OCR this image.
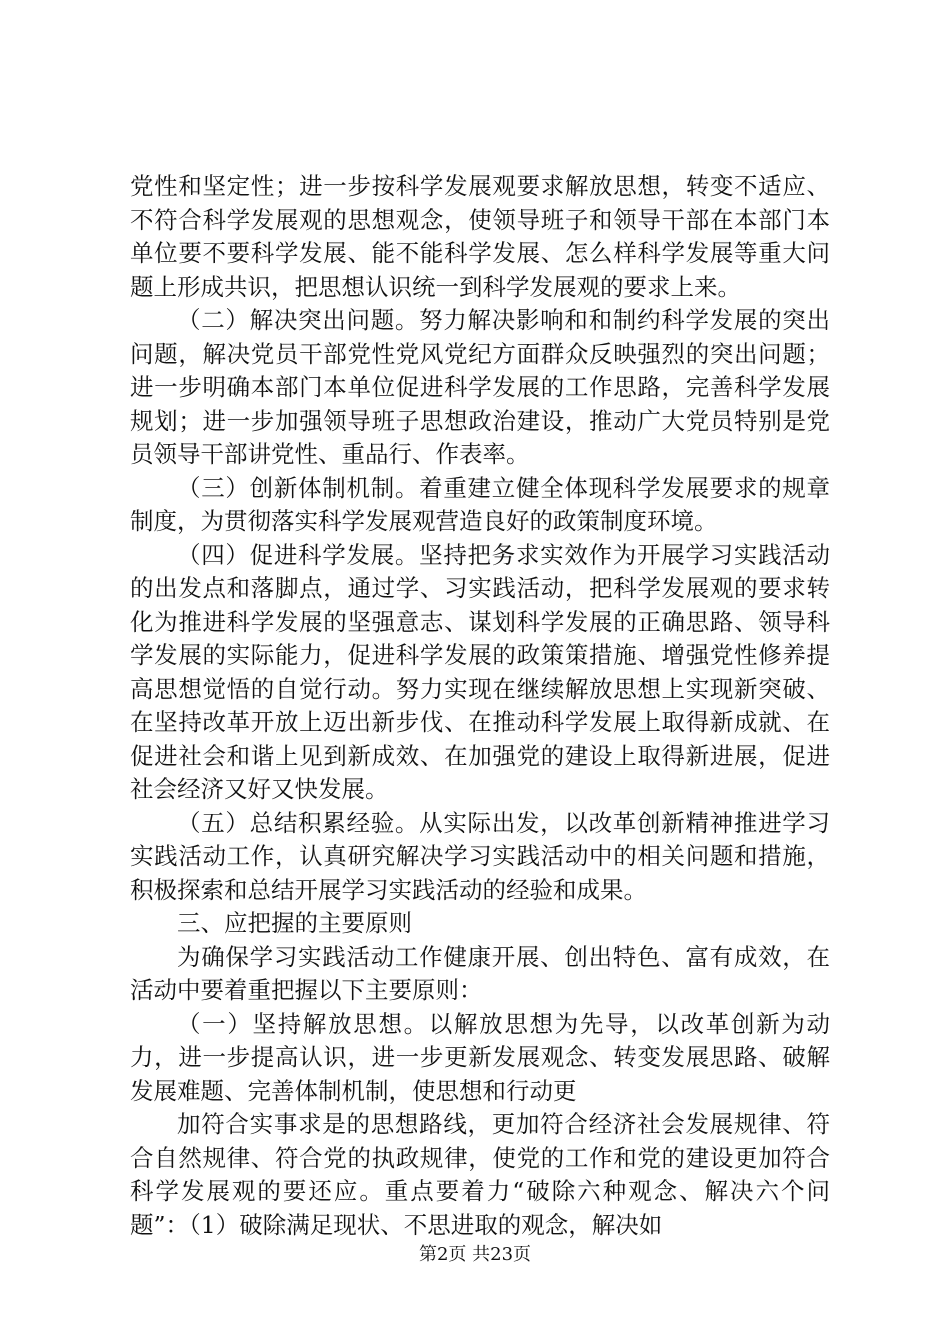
党性和坚定性；进一步按科学发展观要求解放思想，转变不适应、不符合科学发展观的思想观念，使领导班子和领导干部在本部门本单位要不要科学发展、能不能科学发展、怎么样科学发展等重大问题上形成共识，把思想认识统一到科学发展观的要求上来。

（二）解决突出问题。努力解决影响和和制约科学发展的突出问题，解决党员干部党性党风党纪方面群众反映强烈的突出问题；进一步明确本部门本单位促进科学发展的工作思路，完善科学发展规划；进一步加强领导班子思想政治建设，推动广大党员特别是党员领导干部讲党性、重品行、作表率。

（三）创新体制机制。着重建立健全体现科学发展要求的规章制度，为贯彻落实科学发展观营造良好的政策制度环境。

（四）促进科学发展。坚持把务求实效作为开展学习实践活动的出发点和落脚点，通过学、习实践活动，把科学发展观的要求转化为推进科学发展的坚强意志、谋划科学发展的正确思路、领导科学发展的实际能力，促进科学发展的政策策措施、增强党性修养提高思想觉悟的自觉行动。努力实现在继续解放思想上实现新突破、在坚持改革开放上迈出新步伐、在推动科学发展上取得新成就、在促进社会和谐上见到新成效、在加强党的建设上取得新进展，促进社会经济又好又快发展。

（五）总结积累经验。从实际出发，以改革创新精神推进学习实践活动工作，认真研究解决学习实践活动中的相关问题和措施，积极探索和总结开展学习实践活动的经验和成果。

三、应把握的主要原则

为确保学习实践活动工作健康开展、创出特色、富有成效，在活动中要着重把握以下主要原则：

（一）坚持解放思想。以解放思想为先导，以改革创新为动力，进一步提高认识，进一步更新发展观念、转变发展思路、破解发展难题、完善体制机制，使思想和行动更

加符合实事求是的思想路线，更加符合经济社会发展规律、符合自然规律、符合党的执政规律，使党的工作和党的建设更加符合科学发展观的要还应。重点要着力“破除六种观念、解决六个问题”：（1）破除满足现状、不思进取的观念，解决如

第2页 共23页
